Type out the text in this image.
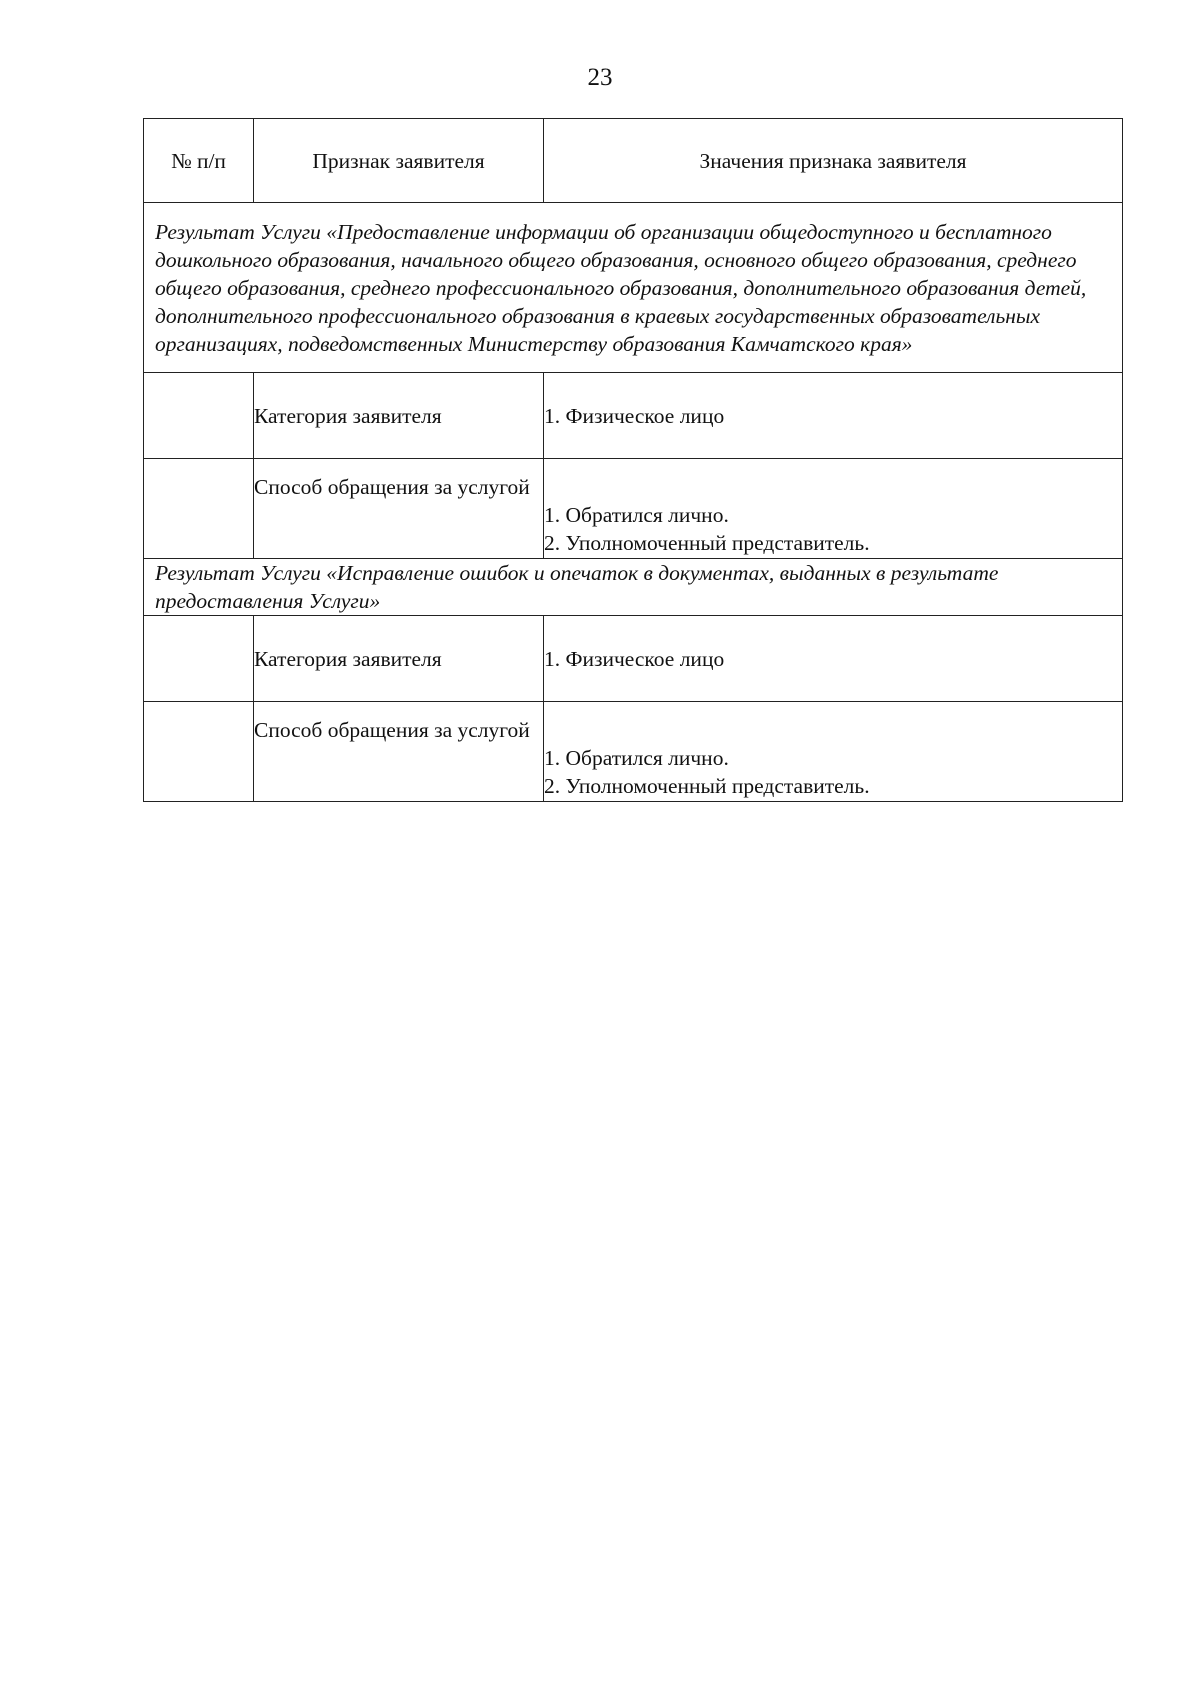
23
№ п/п	Признак заявителя	Значения признака заявителя
Результат Услуги «Предоставление информации об организации общедоступного и бесплатного дошкольного образования, начального общего образования, основного общего образования, среднего общего образования, среднего профессионального образования, дополнительного образования детей, дополнительного профессионального образования в краевых государственных образовательных организациях, подведомственных Министерству образования Камчатского края»		
	Категория заявителя	1. Физическое лицо

	Способ обращения за услугой	1. Обратился лично.
2. Уполномоченный представитель.

Результат Услуги «Исправление ошибок и опечаток в документах, выданных в результате предоставления Услуги»		
	Категория заявителя	1. Физическое лицо

	Способ обращения за услугой	1. Обратился лично.
2. Уполномоченный представитель.
